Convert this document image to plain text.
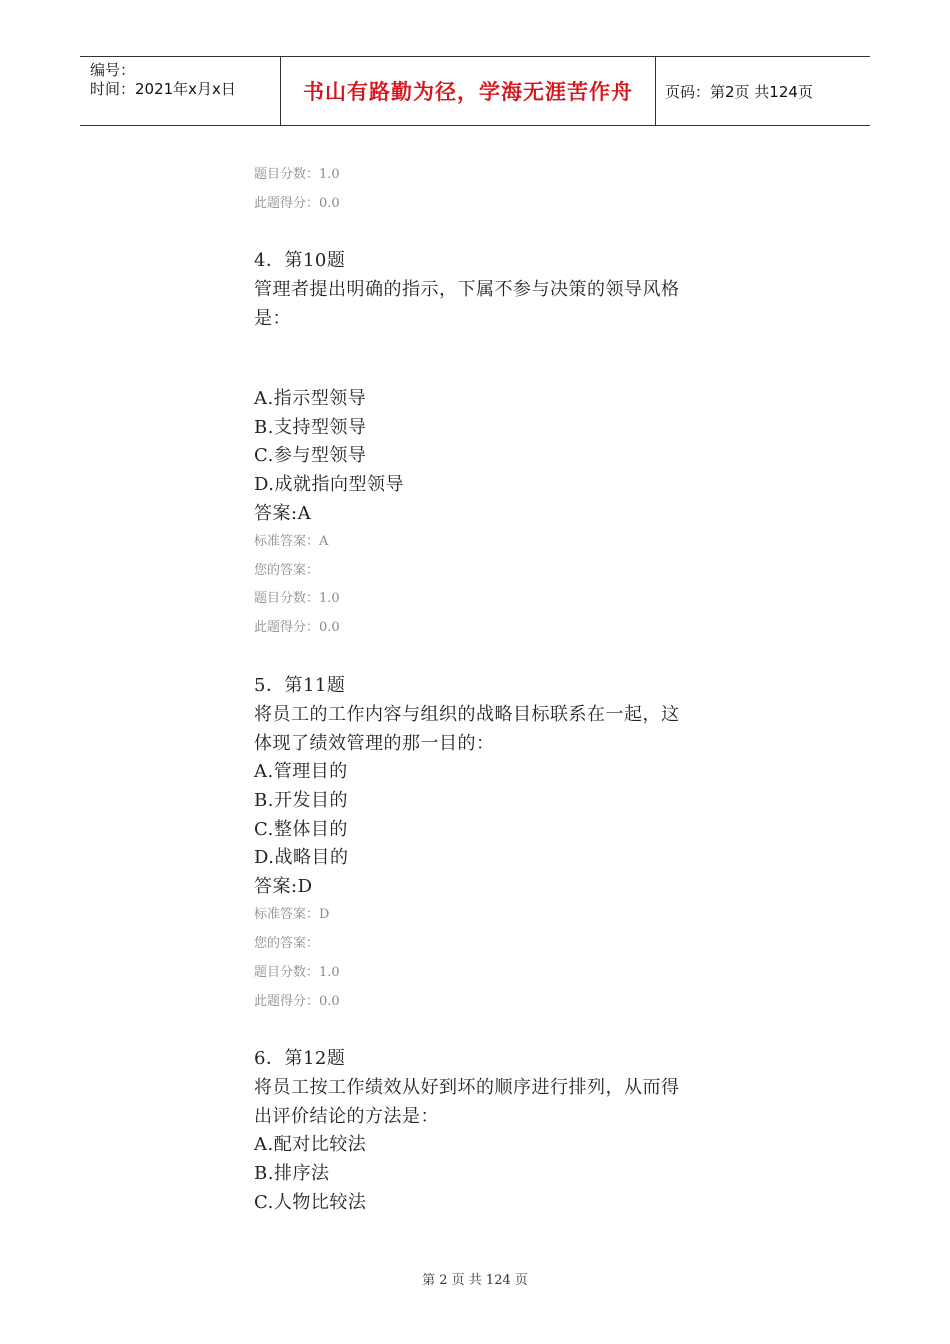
编号：
时间：2021年x月x日	书山有路勤为径，学海无涯苦作舟	页码：第2页 共124页
题目分数：1.0
此题得分：0.0
4．第10题
管理者提出明确的指示，下属不参与决策的领导风格
是：
A.指示型领导
B.支持型领导
C.参与型领导
D.成就指向型领导
答案:A
标准答案：A
您的答案：
题目分数：1.0
此题得分：0.0
5．第11题
将员工的工作内容与组织的战略目标联系在一起，这
体现了绩效管理的那一目的：
A.管理目的
B.开发目的
C.整体目的
D.战略目的
答案:D
标准答案：D
您的答案：
题目分数：1.0
此题得分：0.0
6．第12题
将员工按工作绩效从好到坏的顺序进行排列，从而得
出评价结论的方法是：
A.配对比较法
B.排序法
C.人物比较法
第 2 页 共 124 页
